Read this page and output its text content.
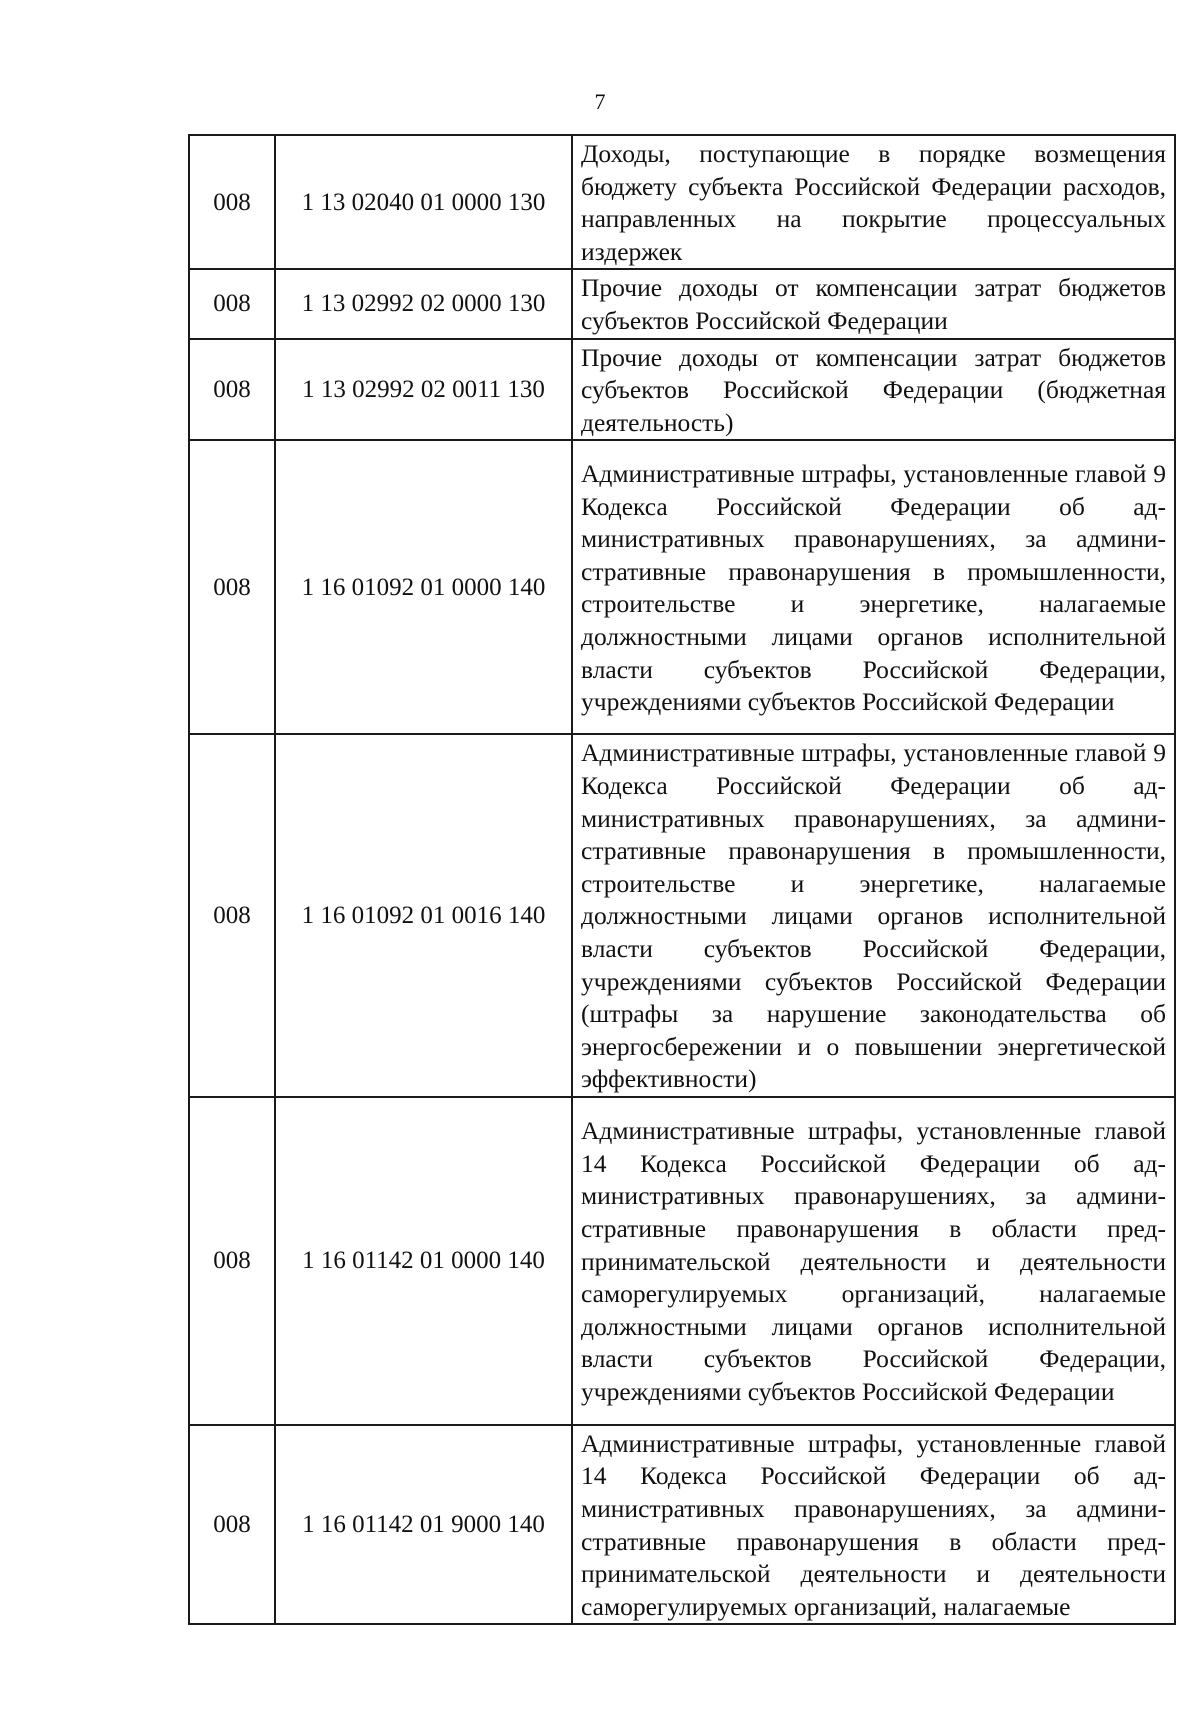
7
008	1 13 02040 01 0000 130	Доходы, поступающие в порядке возмещения бюджету субъекта Российской Федерации расходов, направленных на покрытие процессуальных издержек
008	1 13 02992 02 0000 130	Прочие доходы от компенсации затрат бюджетов субъектов Российской Федерации
008	1 13 02992 02 0011 130	Прочие доходы от компенсации затрат бюджетов субъектов Российской Федерации (бюджетная деятельность)
008	1 16 01092 01 0000 140	Административные штрафы, установленные главой 9 Кодекса Российской Федерации об административных правонарушениях, за административные правонарушения в промышленности, строительстве и энергетике, налагаемые должностными лицами органов исполнительной власти субъектов Российской Федерации, учреждениями субъектов Российской Федерации
008	1 16 01092 01 0016 140	Административные штрафы, установленные главой 9 Кодекса Российской Федерации об административных правонарушениях, за административные правонарушения в промышленности, строительстве и энергетике, налагаемые должностными лицами органов исполнительной власти субъектов Российской Федерации, учреждениями субъектов Российской Федерации (штрафы за нарушение законодательства об энергосбережении и о повышении энергетической эффективности)
008	1 16 01142 01 0000 140	Административные штрафы, установленные главой 14 Кодекса Российской Федерации об административных правонарушениях, за административные правонарушения в области предпринимательской деятельности и деятельности саморегулируемых организаций, налагаемые должностными лицами органов исполнительной власти субъектов Российской Федерации, учреждениями субъектов Российской Федерации
008	1 16 01142 01 9000 140	Административные штрафы, установленные главой 14 Кодекса Российской Федерации об административных правонарушениях, за административные правонарушения в области предпринимательской деятельности и деятельности саморегулируемых организаций, налагаемые
